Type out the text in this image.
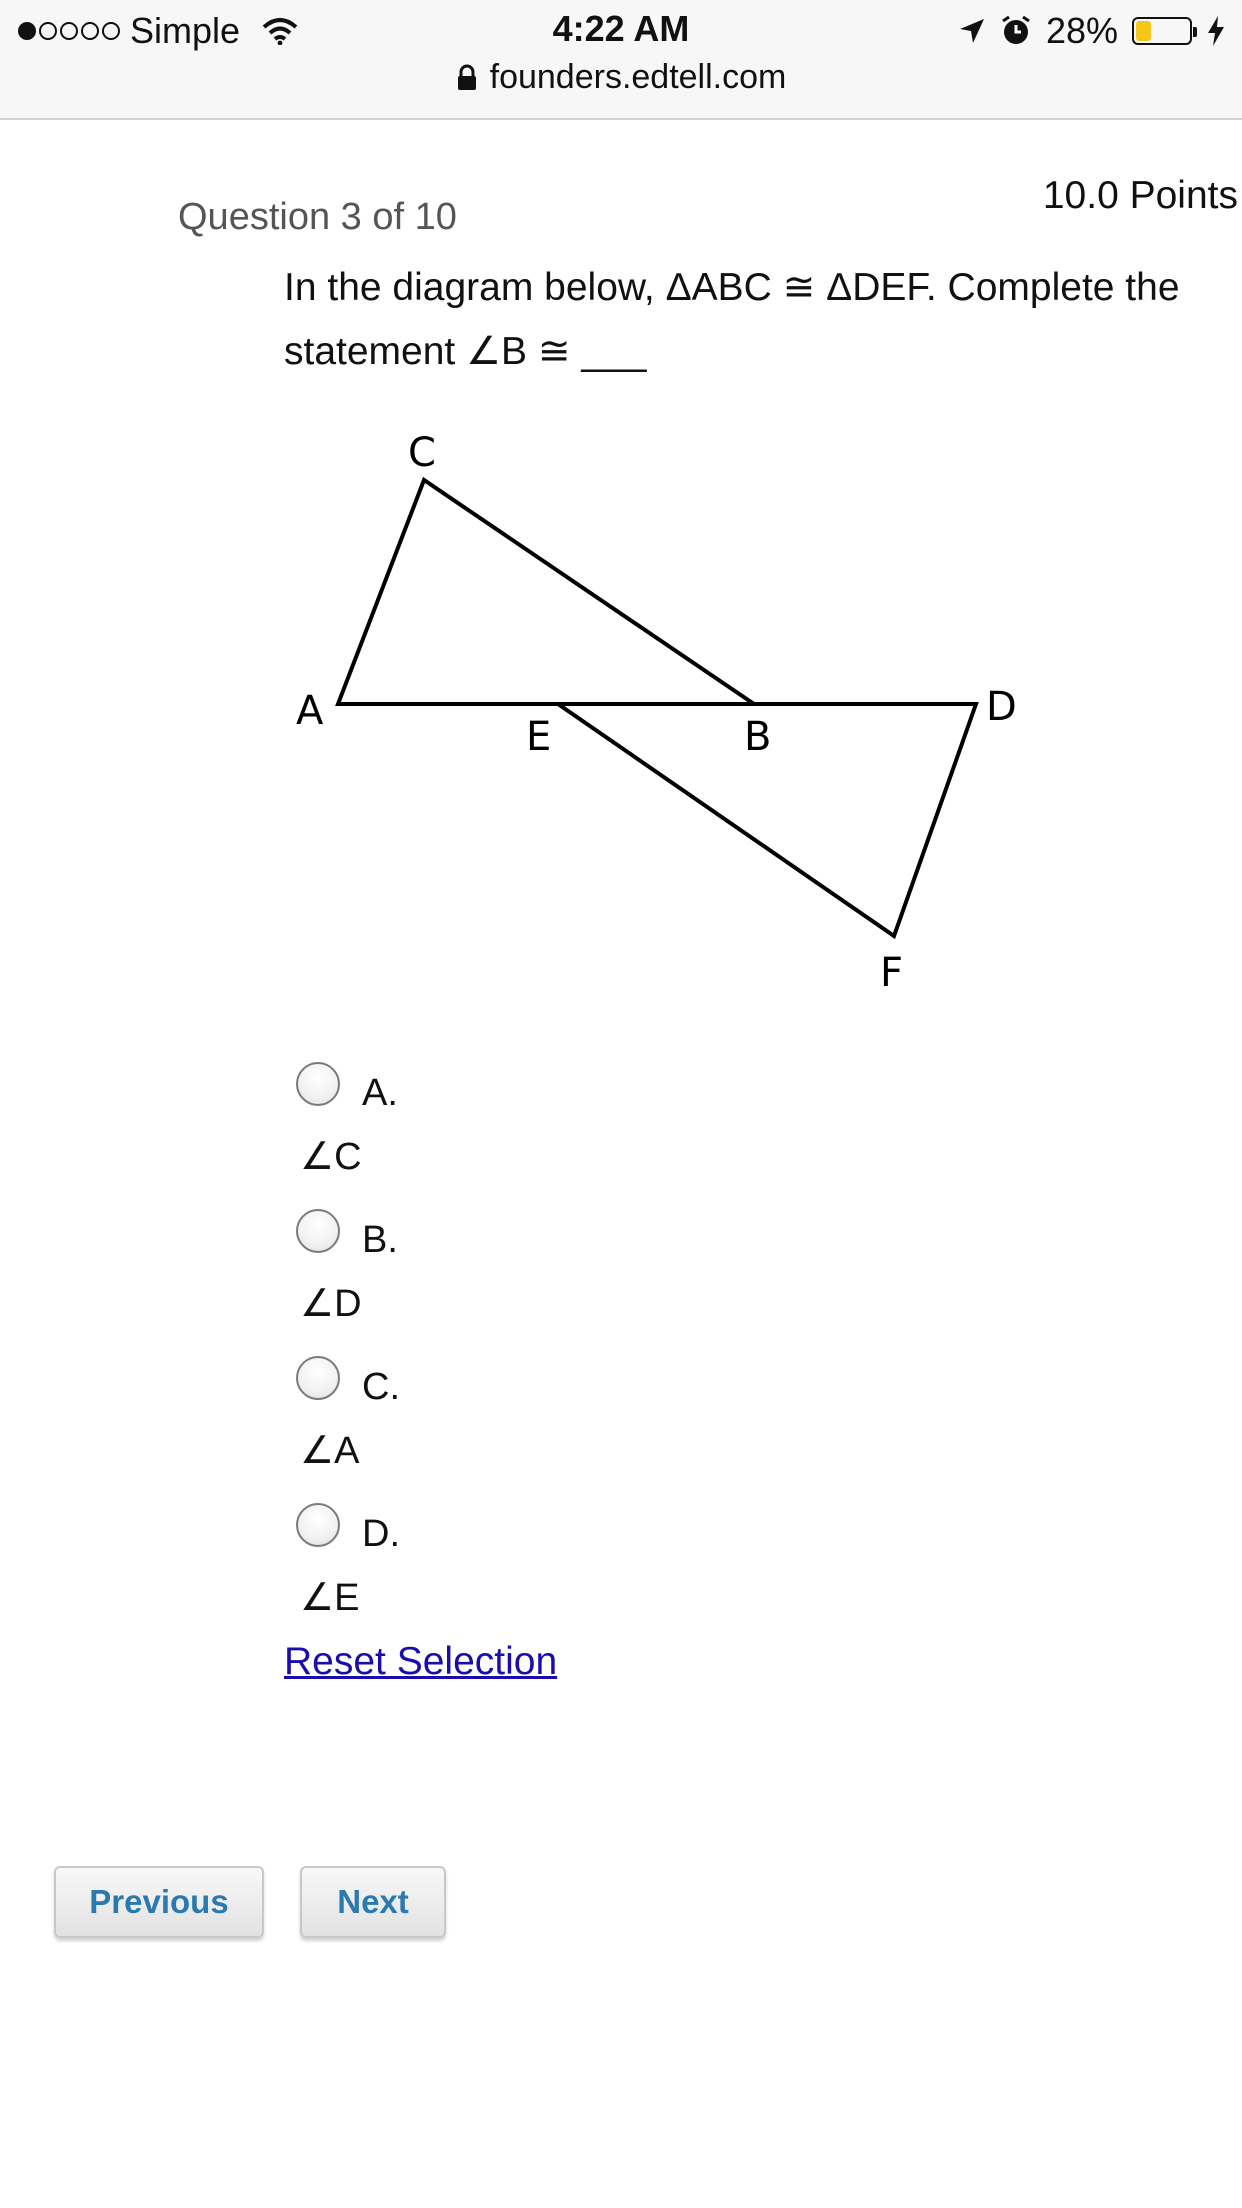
Simple	4:22 AM	28%
founders.edtell.com
Question 3 of 10	10.0 Points
In the diagram below, ΔABC ≅ ΔDEF. Complete the
statement ∠B ≅ ___
C
A
E	B
D
F
A.
∠C
B.
∠D
C.
∠A
D.
∠E
Reset Selection
Previous	Next
